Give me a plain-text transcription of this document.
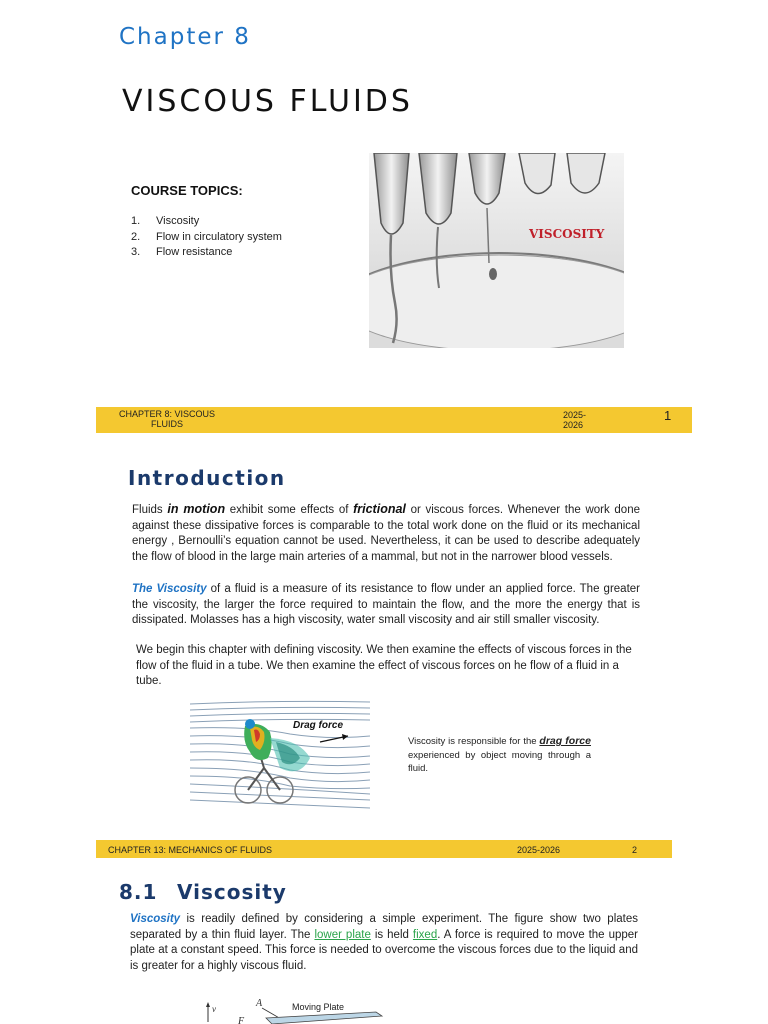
Chapter 8
VISCOUS FLUIDS
COURSE TOPICS:
1. Viscosity
2. Flow in circulatory system
3. Flow resistance
VISCOSITY
CHAPTER 8: VISCOUS
FLUIDS
2025-
2026
1
Introduction
Fluids in motion exhibit some effects of frictional or viscous forces. Whenever the work done against these dissipative forces is comparable to the total work done on the fluid or its mechanical energy , Bernoulli’s equation cannot be used. Nevertheless, it can be used to describe adequately the flow of blood in the large main arteries of a mammal, but not in the narrower blood vessels.
The Viscosity of a fluid is a measure of its resistance to flow under an applied force. The greater the viscosity, the larger the force required to maintain the flow, and the more the energy that is dissipated. Molasses has a high viscosity, water small viscosity and air still smaller viscosity.
We begin this chapter with defining viscosity. We then examine the effects of viscous forces in the flow of the fluid in a tube. We then examine the effect of viscous forces on he flow of a fluid in a tube.
Drag force
Viscosity is responsible for the drag force experienced by object moving through a fluid.
CHAPTER 13: MECHANICS OF FLUIDS	2025-2026	2
8.1 Viscosity
Viscosity is readily defined by considering a simple experiment. The figure show two plates separated by a thin fluid layer. The lower plate is held fixed. A force is required to move the upper plate at a constant speed. This force is needed to overcome the viscous forces due to the liquid and is greater for a highly viscous fluid.
v	A
F
Moving Plate
